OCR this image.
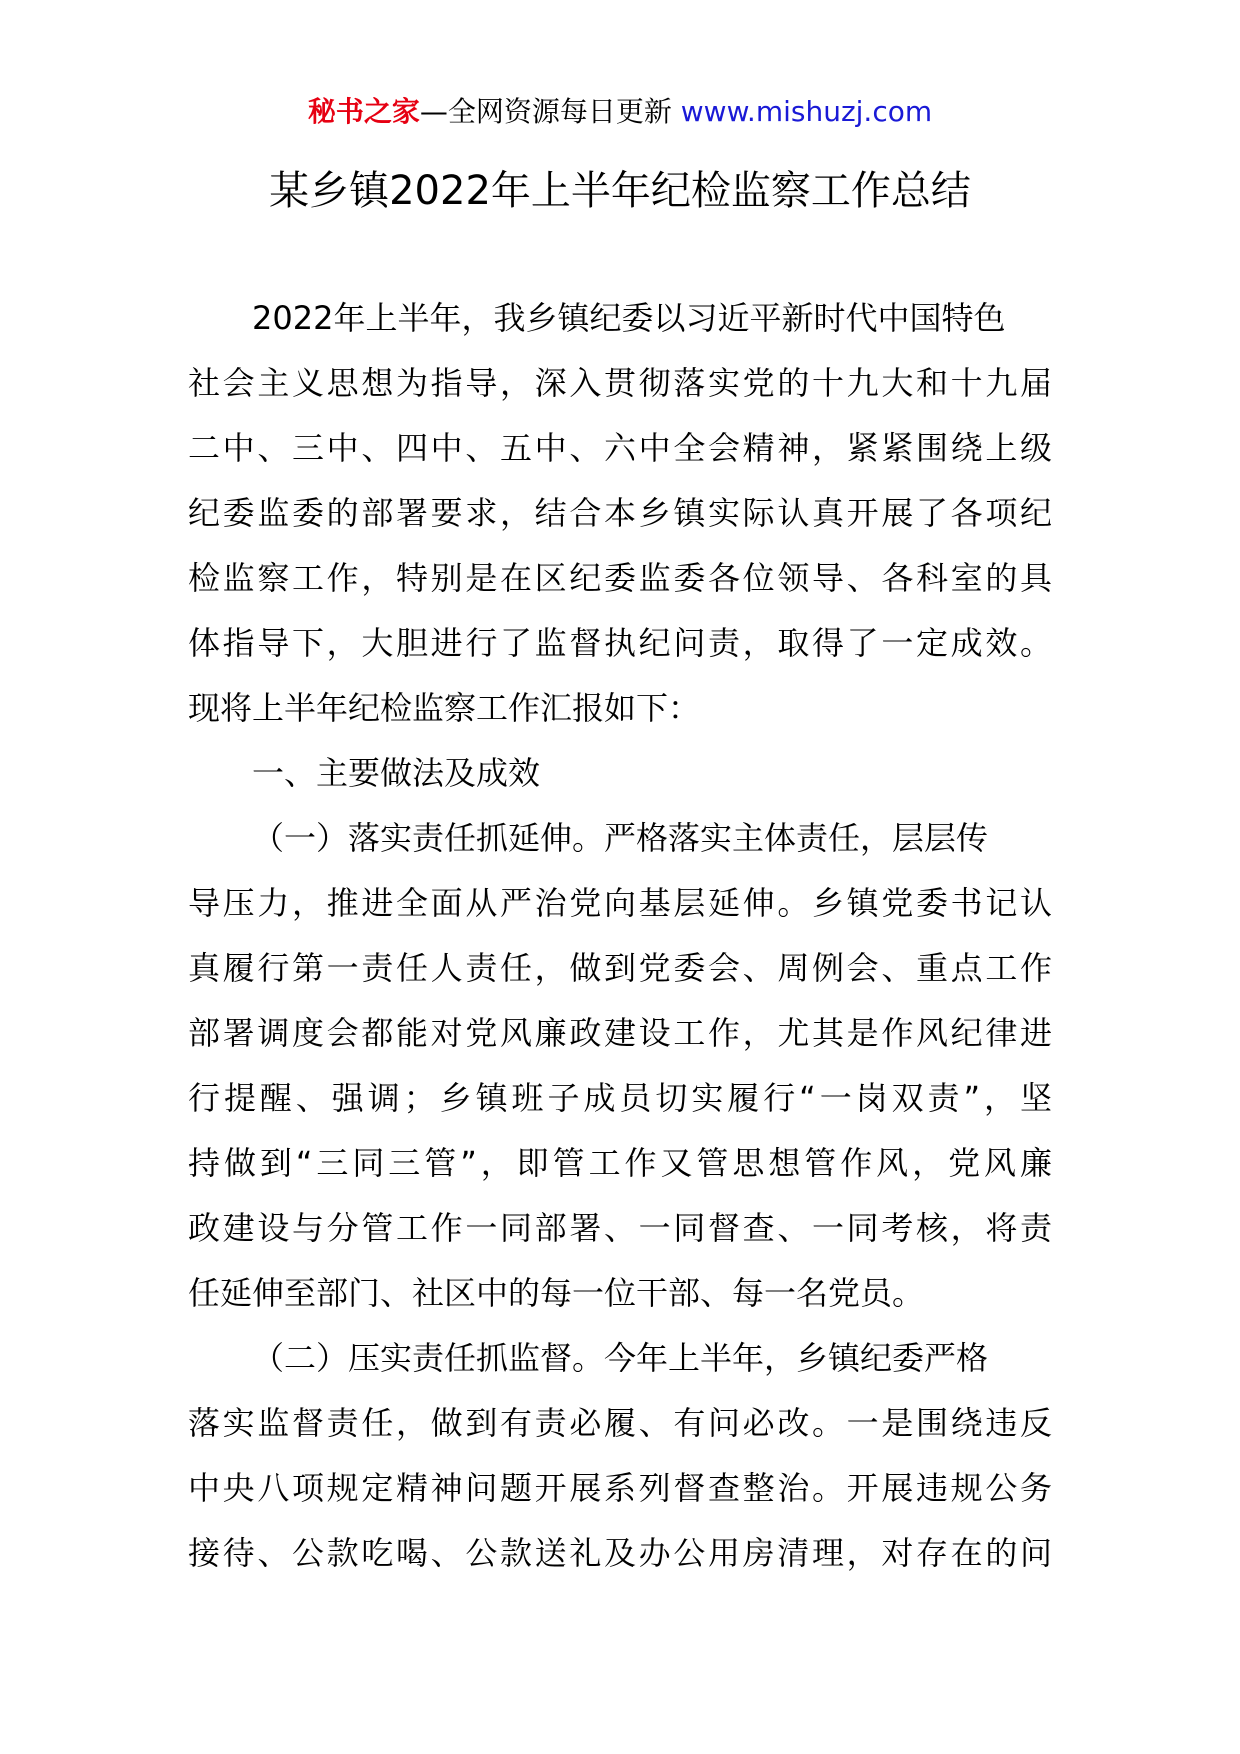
秘书之家—全网资源每日更新 www.mishuzj.com
某乡镇2022年上半年纪检监察工作总结
2022年上半年，我乡镇纪委以习近平新时代中国特色
社会主义思想为指导，深入贯彻落实党的十九大和十九届
二中、三中、四中、五中、六中全会精神，紧紧围绕上级
纪委监委的部署要求，结合本乡镇实际认真开展了各项纪
检监察工作，特别是在区纪委监委各位领导、各科室的具
体指导下，大胆进行了监督执纪问责，取得了一定成效。
现将上半年纪检监察工作汇报如下：
一、主要做法及成效
（一）落实责任抓延伸。严格落实主体责任，层层传
导压力，推进全面从严治党向基层延伸。乡镇党委书记认
真履行第一责任人责任，做到党委会、周例会、重点工作
部署调度会都能对党风廉政建设工作，尤其是作风纪律进
行提醒、强调；乡镇班子成员切实履行“一岗双责”，坚
持做到“三同三管”，即管工作又管思想管作风，党风廉
政建设与分管工作一同部署、一同督查、一同考核，将责
任延伸至部门、社区中的每一位干部、每一名党员。
（二）压实责任抓监督。今年上半年，乡镇纪委严格
落实监督责任，做到有责必履、有问必改。一是围绕违反
中央八项规定精神问题开展系列督查整治。开展违规公务
接待、公款吃喝、公款送礼及办公用房清理，对存在的问
